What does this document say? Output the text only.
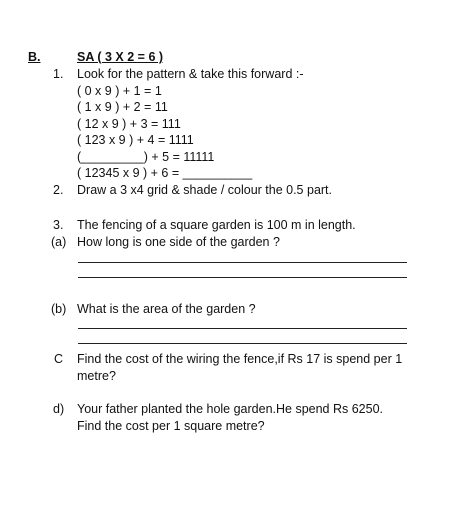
B.	SA ( 3 X 2 = 6 )
1. Look for the pattern & take this forward :-
( 0 x 9 ) + 1 = 1
( 1 x 9 ) + 2 = 11
( 12 x 9 ) + 3 = 111
( 123 x 9 ) + 4 = 1111
(_________) + 5 = 11111
( 12345 x 9 ) + 6 = __________
2. Draw a 3 x4 grid & shade / colour the 0.5 part.
3. The fencing of a square garden is 100 m in length.
(a) How long is one side of the garden ?
(b) What is the area of the garden ?
C Find the cost of the wiring the fence,if Rs 17 is spend per 1
metre?
d) Your father planted the hole garden.He spend Rs 6250.
Find the cost per 1 square metre?
